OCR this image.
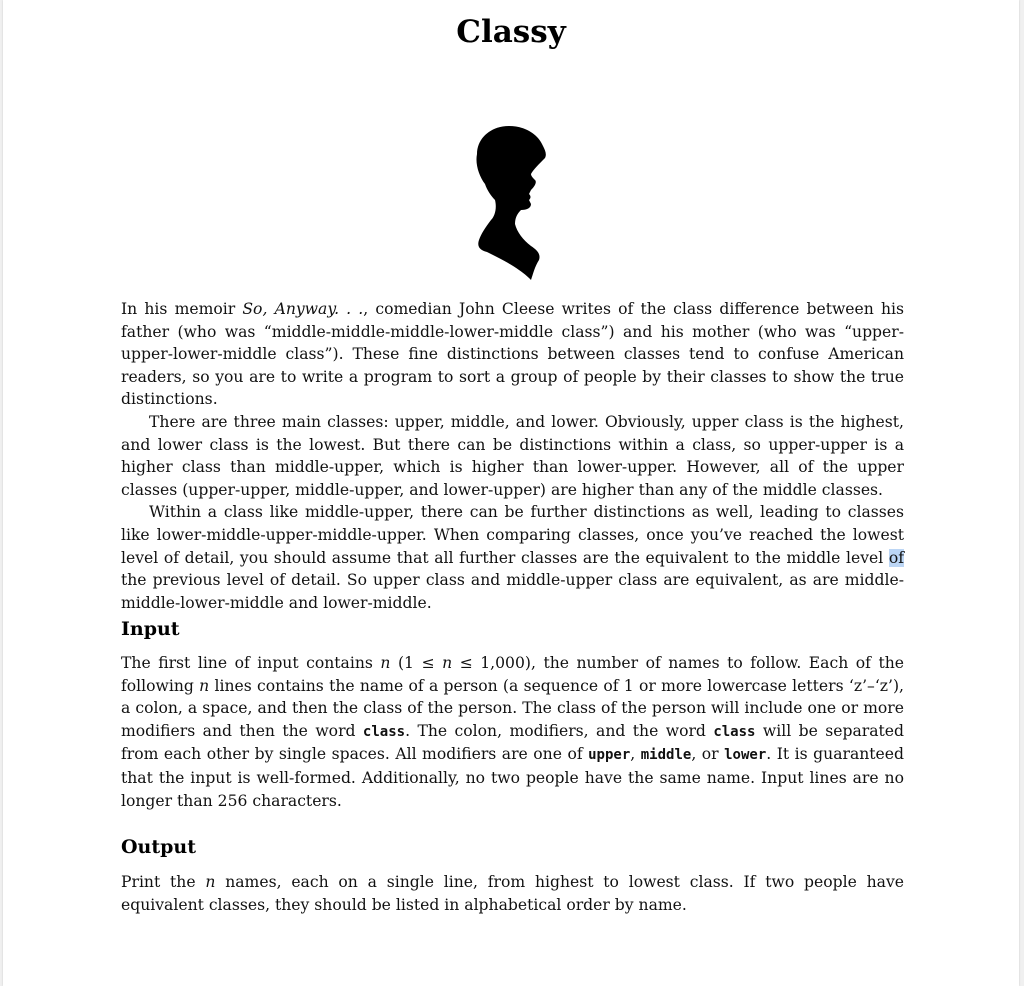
Classy

In his memoir So, Anyway. . ., comedian John Cleese writes of the class difference between his father (who was “middle-middle-middle-lower-middle class”) and his mother (who was “upper-upper-lower-middle class”). These fine distinctions between classes tend to confuse American readers, so you are to write a program to sort a group of people by their classes to show the true distinctions.

There are three main classes: upper, middle, and lower. Obviously, upper class is the highest, and lower class is the lowest. But there can be distinctions within a class, so upper-upper is a higher class than middle-upper, which is higher than lower-upper. However, all of the upper classes (upper-upper, middle-upper, and lower-upper) are higher than any of the middle classes.

Within a class like middle-upper, there can be further distinctions as well, leading to classes like lower-middle-upper-middle-upper. When comparing classes, once you’ve reached the lowest level of detail, you should assume that all further classes are the equivalent to the middle level of the previous level of detail. So upper class and middle-upper class are equivalent, as are middle-middle-lower-middle and lower-middle.

Input

The first line of input contains n (1 ≤ n ≤ 1,000), the number of names to follow. Each of the following n lines contains the name of a person (a sequence of 1 or more lowercase letters ‘z’–‘z’), a colon, a space, and then the class of the person. The class of the person will include one or more modifiers and then the word class. The colon, modifiers, and the word class will be separated from each other by single spaces. All modifiers are one of upper, middle, or lower. It is guaranteed that the input is well-formed. Additionally, no two people have the same name. Input lines are no longer than 256 characters.

Output

Print the n names, each on a single line, from highest to lowest class. If two people have equivalent classes, they should be listed in alphabetical order by name.
